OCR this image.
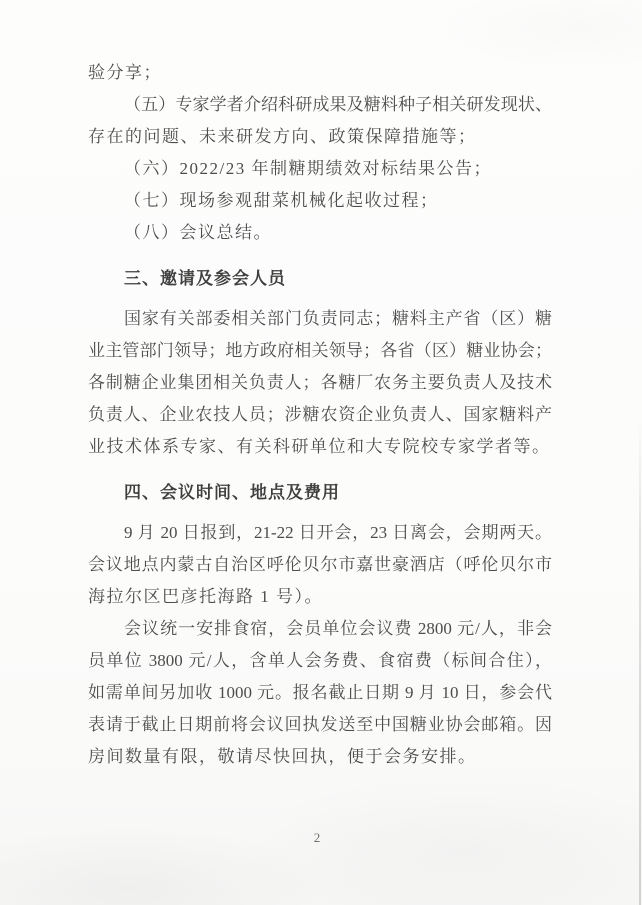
验分享；
（五）专家学者介绍科研成果及糖料种子相关研发现状、
存在的问题、未来研发方向、政策保障措施等；
（六）2022/23 年制糖期绩效对标结果公告；
（七）现场参观甜菜机械化起收过程；
（八）会议总结。
三、邀请及参会人员
国家有关部委相关部门负责同志；糖料主产省（区）糖
业主管部门领导；地方政府相关领导；各省（区）糖业协会；
各制糖企业集团相关负责人；各糖厂农务主要负责人及技术
负责人、企业农技人员；涉糖农资企业负责人、国家糖料产
业技术体系专家、有关科研单位和大专院校专家学者等。
四、会议时间、地点及费用
9 月 20 日报到，21-22 日开会，23 日离会，会期两天。
会议地点内蒙古自治区呼伦贝尔市嘉世豪酒店（呼伦贝尔市
海拉尔区巴彦托海路 1 号）。
会议统一安排食宿，会员单位会议费 2800 元/人，非会
员单位 3800 元/人，含单人会务费、食宿费（标间合住），
如需单间另加收 1000 元。报名截止日期 9 月 10 日，参会代
表请于截止日期前将会议回执发送至中国糖业协会邮箱。因
房间数量有限，敬请尽快回执，便于会务安排。
2
